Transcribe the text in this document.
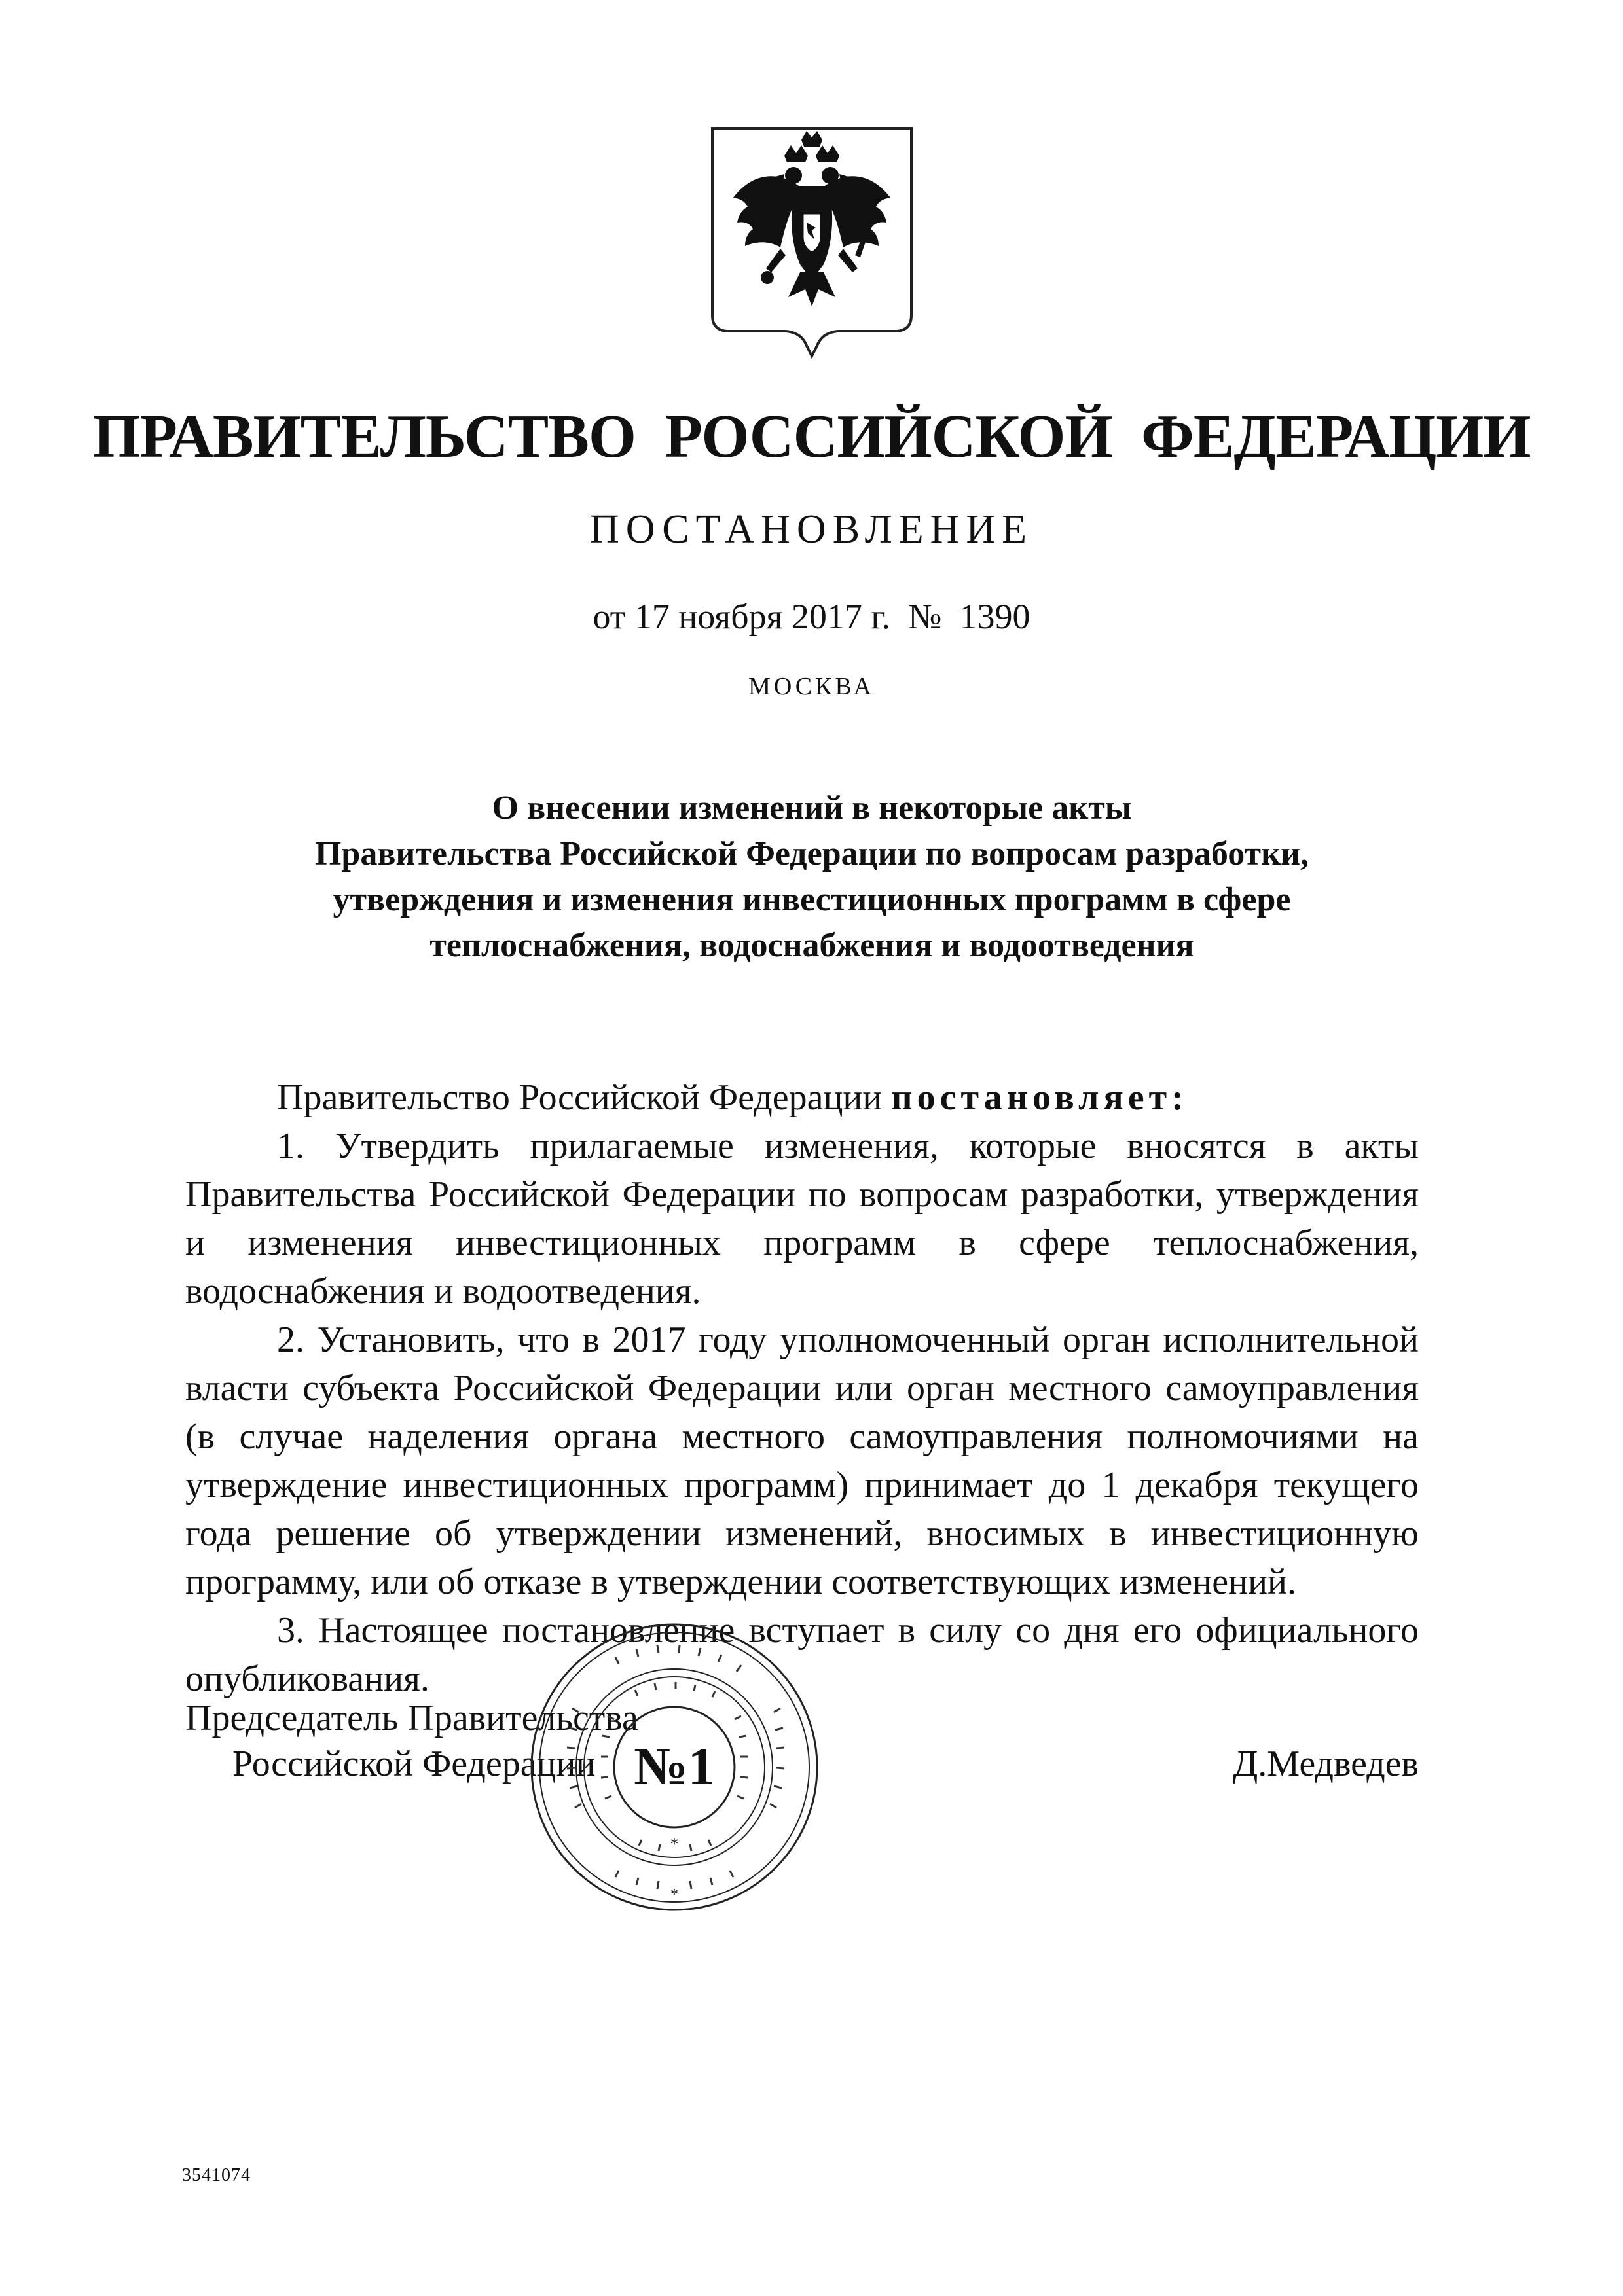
ПРАВИТЕЛЬСТВО РОССИЙСКОЙ ФЕДЕРАЦИИ
ПОСТАНОВЛЕНИЕ
от 17 ноября 2017 г. № 1390
МОСКВА
О внесении изменений в некоторые акты
Правительства Российской Федерации по вопросам разработки,
утверждения и изменения инвестиционных программ в сфере
теплоснабжения, водоснабжения и водоотведения

Правительство Российской Федерации постановляет:

1. Утвердить прилагаемые изменения, которые вносятся в акты Правительства Российской Федерации по вопросам разработки, утверждения и изменения инвестиционных программ в сфере теплоснабжения, водоснабжения и водоотведения.

2. Установить, что в 2017 году уполномоченный орган исполнительной власти субъекта Российской Федерации или орган местного самоуправления (в случае наделения органа местного самоуправления полномочиями на утверждение инвестиционных программ) принимает до 1 декабря текущего года решение об утверждении изменений, вносимых в инвестиционную программу, или об отказе в утверждении соответствующих изменений.

3. Настоящее постановление вступает в силу со дня его официального опубликования.

Председатель Правительства
Российской Федерации	Д.Медведев
*
*
№1
3541074
